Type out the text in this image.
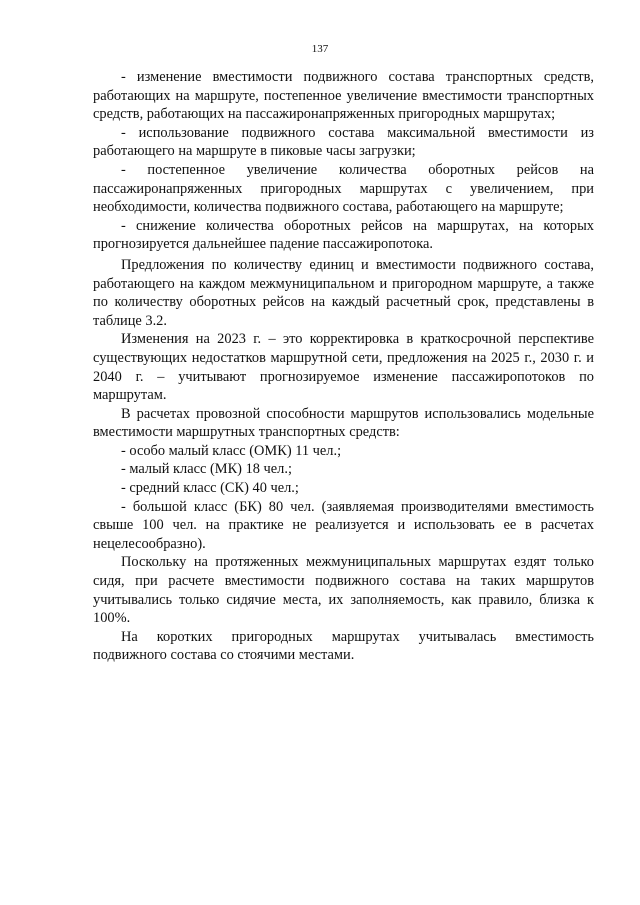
137

- изменение вместимости подвижного состава транспортных средств, работающих на маршруте, постепенное увеличение вместимости транспортных средств, работающих на пассажиронапряженных пригородных маршрутах;

- использование подвижного состава максимальной вместимости из работающего на маршруте в пиковые часы загрузки;

- постепенное увеличение количества оборотных рейсов на пассажиронапряженных пригородных маршрутах с увеличением, при необходимости, количества подвижного состава, работающего на маршруте;

- снижение количества оборотных рейсов на маршрутах, на которых прогнозируется дальнейшее падение пассажиропотока.

Предложения по количеству единиц и вместимости подвижного состава, работающего на каждом межмуниципальном и пригородном маршруте, а также по количеству оборотных рейсов на каждый расчетный срок, представлены в таблице 3.2.

Изменения на 2023 г. – это корректировка в краткосрочной перспективе существующих недостатков маршрутной сети, предложения на 2025 г., 2030 г. и 2040 г. – учитывают прогнозируемое изменение пассажиропотоков по маршрутам.

В расчетах провозной способности маршрутов использовались модельные вместимости маршрутных транспортных средств:

- особо малый класс (ОМК) 11 чел.;

- малый класс (МК) 18 чел.;

- средний класс (СК) 40 чел.;

- большой класс (БК) 80 чел. (заявляемая производителями вместимость свыше 100 чел. на практике не реализуется и использовать ее в расчетах нецелесообразно).

Поскольку на протяженных межмуниципальных маршрутах ездят только сидя, при расчете вместимости подвижного состава на таких маршрутов учитывались только сидячие места, их заполняемость, как правило, близка к 100%.

На коротких пригородных маршрутах учитывалась вместимость подвижного состава со стоячими местами.
